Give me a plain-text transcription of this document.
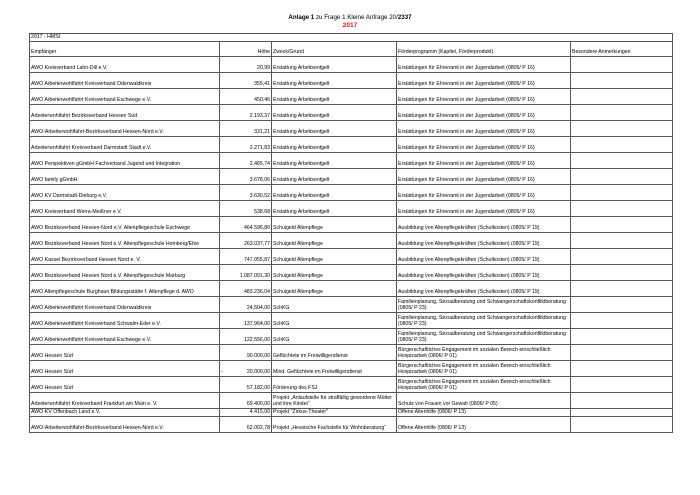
Anlage 1 zu Frage 1 Kleine Anfrage 20/2337
2017
2017 - HMSI				
Empfänger	Höhe	Zweck/Grund	Förderprogramm (Kapitel, Förderprodukt)	Besondere Anmerkungen
AWO Kreisverband Lahn-Dill e.V.	20,99	Erstattung Arbeitsentgelt	Erstattungen für Ehrenamt in der Jugendarbeit (0805/ P 16)	
AWO Arbeiterwohlfahrt Kreisverband Odenwaldkreis	355,41	Erstattung Arbeitsentgelt	Erstattungen für Ehrenamt in der Jugendarbeit (0805/ P 16)	
AWO Arbeiterwohlfahrt Kreisverband Eschwege e.V.	450,46	Erstattung Arbeitsentgelt	Erstattungen für Ehrenamt in der Jugendarbeit (0805/ P 16)	
Arbeiterwohlfahrt Bezirksverband Hessen Süd	2.193,37	Erstattung Arbeitsentgelt	Erstattungen für Ehrenamt in der Jugendarbeit (0805/ P 16)	
AWO-Arbeiterwohlfahrt-Bezirksverband Hessen-Nord e.V.	331,21	Erstattung Arbeitsentgelt	Erstattungen für Ehrenamt in der Jugendarbeit (0805/ P 16)	
Arbeiterwohlfahrt Kreisverband Darmstadt Stadt e.V.	2.271,83	Erstattung Arbeitsentgelt	Erstattungen für Ehrenamt in der Jugendarbeit (0805/ P 16)	
AWO Perspektiven gGmbH Fachverband Jugend und Integration	2.465,74	Erstattung Arbeitsentgelt	Erstattungen für Ehrenamt in der Jugendarbeit (0805/ P 16)	
AWO family gGmbH	3.678,06	Erstattung Arbeitsentgelt	Erstattungen für Ehrenamt in der Jugendarbeit (0805/ P 16)	
AWO KV Darmstadt-Dieburg e.V.	3.630,52	Erstattung Arbeitsentgelt	Erstattungen für Ehrenamt in der Jugendarbeit (0805/ P 16)	
AWO Kreisverband Werra-Meißner e.V.	538,68	Erstattung Arbeitsentgelt	Erstattungen für Ehrenamt in der Jugendarbeit (0805/ P 16)	
AWO Bezirksverband Hessen-Nord e.V. Altenpflegeschule Eschwege	464.596,80	Schulgeld Altenpflege	Ausbildung von Altenpflegekräften (Schulkosten) (0805/ P 19)	
AWO Bezirksverband Hessen Nord e.V. Altenpflegeschule Homberg/Efze	263.037,77	Schulgeld Altenpflege	Ausbildung von Altenpflegekräften (Schulkosten) (0805/ P 19)	
AWO Kassel Bezirksverband Hessen Nord e. V.	747.055,87	Schulgeld Altenpflege	Ausbildung von Altenpflegekräften (Schulkosten) (0805/ P 19)	
AWO Bezirksverband Hessen Nord e.V. Altenpflegeschule Marburg	1.087.091,30	Schulgeld Altenpflege	Ausbildung von Altenpflegekräften (Schulkosten) (0805/ P 19)	
AWO Altenpflegeschule Burghaun Bildungsstätte f. Altenpflege d. AWO	483.236,04	Schulgeld Altenpflege	Ausbildung von Altenpflegekräften (Schulkosten) (0805/ P 19)	
AWO Arbeiterwohlfahrt Kreisverband Odenwaldkreis	24.504,00	SchKG	Familienplanung, Sexualberatung und Schwangerschaftskonfliktberatung (0805/ P 23)	
AWO Arbeiterwohlfahrt Kreisverband Schwalm-Eder e.V.	137.964,00	SchKG	Familienplanung, Sexualberatung und Schwangerschaftskonfliktberatung (0805/ P 23)	
AWO Arbeiterwohlfahrt Kreisverband Eschwege e.V.	122.556,00	SchKG	Familienplanung, Sexualberatung und Schwangerschaftskonfliktberatung (0805/ P 23)	
AWO Hessen Süd	90.000,00	Geflüchtete im Freiwilligendienst	Bürgerschaftliches Engagement im sozialen Bereich einschließlich Hospizarbeit (0806/ P 01)	
AWO Hessen Süd	- 20.000,00	Mind. Geflüchtete im Freiwilligendienst	Bürgerschaftliches Engagement im sozialen Bereich einschließlich Hospizarbeit (0806/ P 01)	
AWO Hessen Süd	57.182,00	Förderung des FSJ	Bürgerschaftliches Engagement im sozialen Bereich einschließlich Hospizarbeit (0806/ P 01)	
Arbeiterwohlfahrt Kreisverband Frankfurt am Main e. V.	69.400,00	Projekt „Anlaufstelle für straffällig gewordene Mütter und ihre Kinder“	Schutz von Frauen vor Gewalt (0806/ P 05)	
AWO-KV Offenbach Land e.V.	4.415,00	Projekt "Zirkus-Theater"	Offene Altenhilfe (0806/ P 13)	
AWO-Arbeiterwohlfahrt-Bezirksverband Hessen-Nord e.V.	62.002,78	Projekt „Hessische Fachstelle für Wohnberatung“	Offene Altenhilfe (0806/ P 13)	
